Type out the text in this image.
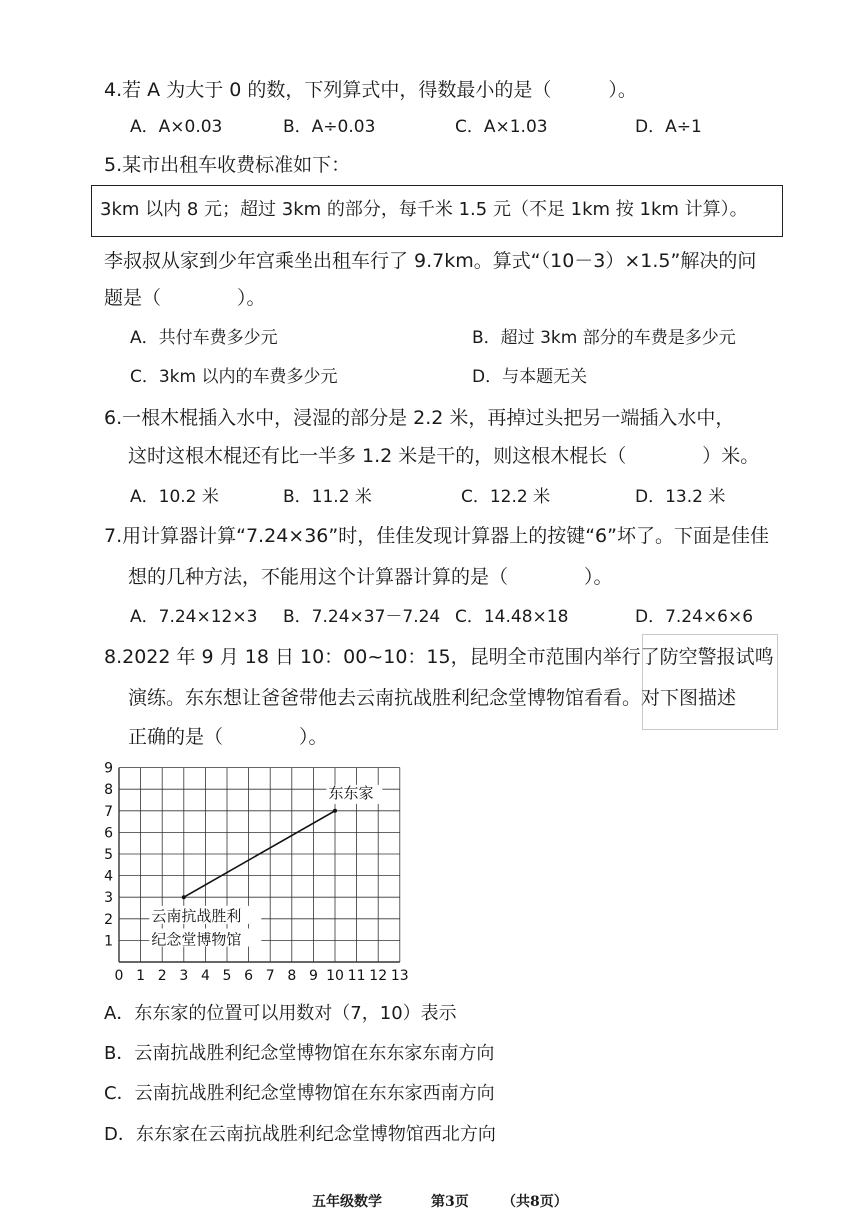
4.若 A 为大于 0 的数，下列算式中，得数最小的是（　　　）。
A．A×0.03	B．A÷0.03	C．A×1.03	D．A÷1
5.某市出租车收费标准如下：
3km 以内 8 元；超过 3km 的部分，每千米 1.5 元（不足 1km 按 1km 计算）。
李叔叔从家到少年宫乘坐出租车行了 9.7km。算式“（10－3）×1.5”解决的问
题是（　　　　）。
A．共付车费多少元	B．超过 3km 部分的车费是多少元
C．3km 以内的车费多少元	D．与本题无关
6.一根木棍插入水中，浸湿的部分是 2.2 米，再掉过头把另一端插入水中，
这时这根木棍还有比一半多 1.2 米是干的，则这根木棍长（　　　　）米。
A．10.2 米	B．11.2 米	C．12.2 米	D．13.2 米
7.用计算器计算“7.24×36”时，佳佳发现计算器上的按键“6”坏了。下面是佳佳
想的几种方法，不能用这个计算器计算的是（　　　　）。
A．7.24×12×3 B．7.24×37－7.24 C．14.48×18	D．7.24×6×6
8.2022 年 9 月 18 日 10：00~10：15，昆明全市范围内举行了防空警报试鸣
演练。东东想让爸爸带他去云南抗战胜利纪念堂博物馆看看。对下图描述
正确的是（　　　　）。
0 1 2 3 4 5 6 7 8 9 10 11 12 13
1
2
3
4
5
6
7
8
9
东东家
云南抗战胜利
纪念堂博物馆
A．东东家的位置可以用数对（7，10）表示
B．云南抗战胜利纪念堂博物馆在东东家东南方向
C．云南抗战胜利纪念堂博物馆在东东家西南方向
D．东东家在云南抗战胜利纪念堂博物馆西北方向
五年级数学	第3页 （共8页）
